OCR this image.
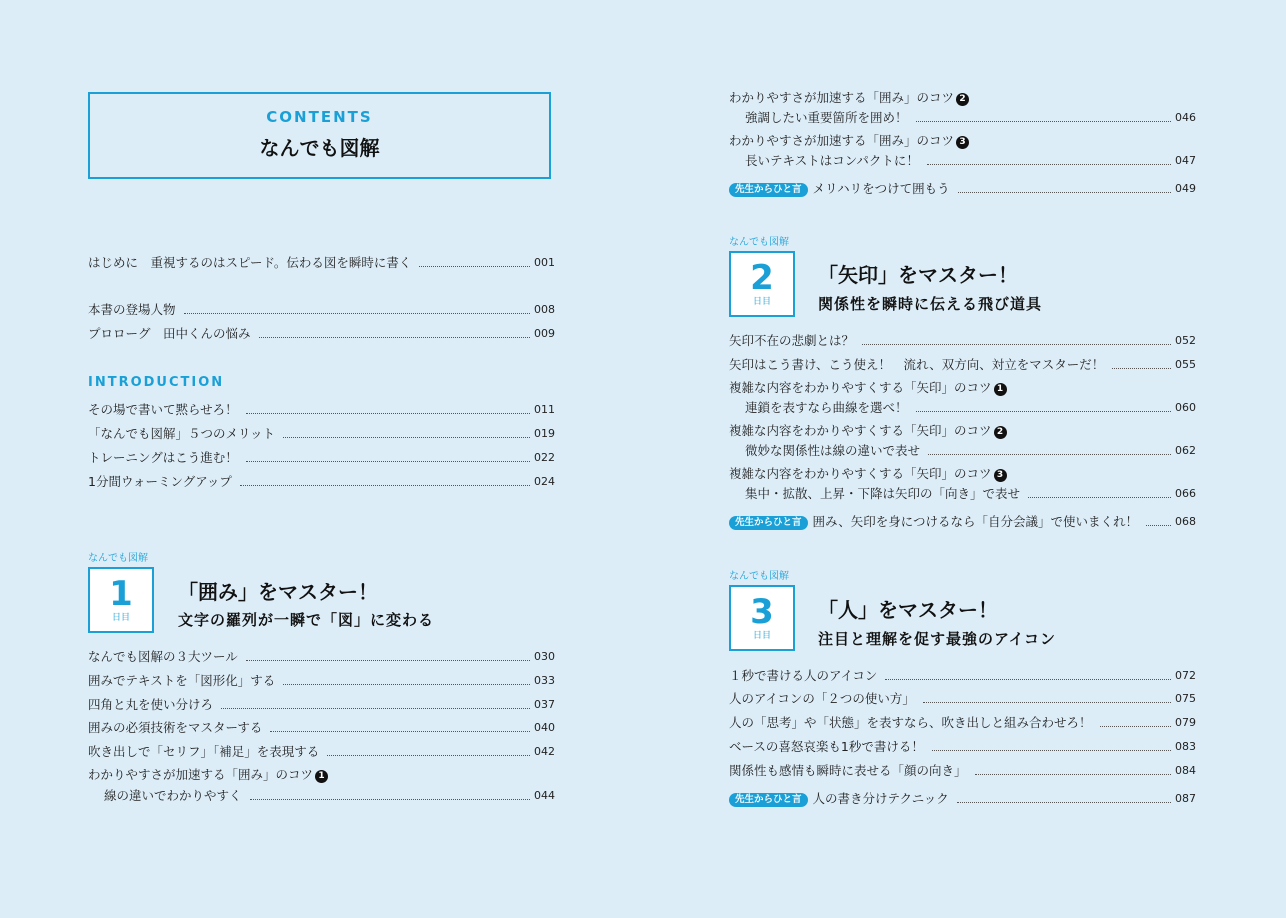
CONTENTS
なんでも図解
はじめに　重視するのはスピード。伝わる図を瞬時に書く	001
本書の登場人物	008
プロローグ　田中くんの悩み	009
INTRODUCTION
その場で書いて黙らせろ！	011
「なんでも図解」５つのメリット	019
トレーニングはこう進む！	022
1分間ウォーミングアップ	024
なんでも図解
1
日目
「囲み」をマスター！
文字の羅列が一瞬で「図」に変わる
なんでも図解の３大ツール	030
囲みでテキストを「図形化」する	033
四角と丸を使い分けろ	037
囲みの必須技術をマスターする	040
吹き出しで「セリフ」「補足」を表現する	042
わかりやすさが加速する「囲み」のコツ 1
線の違いでわかりやすく	044
わかりやすさが加速する「囲み」のコツ 2
強調したい重要箇所を囲め！	046
わかりやすさが加速する「囲み」のコツ 3
長いテキストはコンパクトに！	047
先生からひと言 メリハリをつけて囲もう	049
なんでも図解
2
日目
「矢印」をマスター！
関係性を瞬時に伝える飛び道具
矢印不在の悲劇とは？	052
矢印はこう書け、こう使え！　流れ、双方向、対立をマスターだ！	055
複雑な内容をわかりやすくする「矢印」のコツ 1
連鎖を表すなら曲線を選べ！	060
複雑な内容をわかりやすくする「矢印」のコツ 2
微妙な関係性は線の違いで表せ	062
複雑な内容をわかりやすくする「矢印」のコツ 3
集中・拡散、上昇・下降は矢印の「向き」で表せ	066
先生からひと言 囲み、矢印を身につけるなら「自分会議」で使いまくれ！	068
なんでも図解
3
日目
「人」をマスター！
注目と理解を促す最強のアイコン
１秒で書ける人のアイコン	072
人のアイコンの「２つの使い方」	075
人の「思考」や「状態」を表すなら、吹き出しと組み合わせろ！	079
ベースの喜怒哀楽も1秒で書ける！	083
関係性も感情も瞬時に表せる「顔の向き」	084
先生からひと言 人の書き分けテクニック	087
